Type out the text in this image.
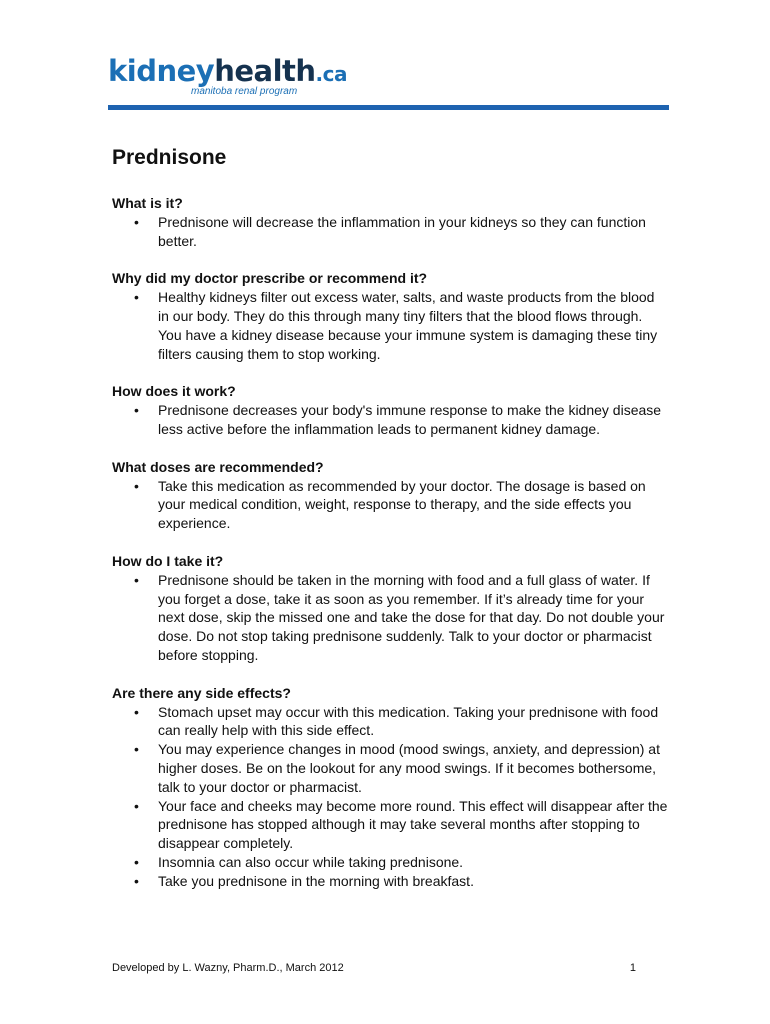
kidneyhealth.ca
manitoba renal program
Prednisone

What is it?

• Prednisone will decrease the inflammation in your kidneys so they can function better.

Why did my doctor prescribe or recommend it?

• Healthy kidneys filter out excess water, salts, and waste products from the blood in our body. They do this through many tiny filters that the blood flows through. You have a kidney disease because your immune system is damaging these tiny filters causing them to stop working.

How does it work?

• Prednisone decreases your body's immune response to make the kidney disease less active before the inflammation leads to permanent kidney damage.

What doses are recommended?

• Take this medication as recommended by your doctor. The dosage is based on your medical condition, weight, response to therapy, and the side effects you experience.

How do I take it?

• Prednisone should be taken in the morning with food and a full glass of water. If you forget a dose, take it as soon as you remember. If it’s already time for your next dose, skip the missed one and take the dose for that day. Do not double your dose. Do not stop taking prednisone suddenly. Talk to your doctor or pharmacist before stopping.

Are there any side effects?

• Stomach upset may occur with this medication. Taking your prednisone with food can really help with this side effect.
• You may experience changes in mood (mood swings, anxiety, and depression) at higher doses. Be on the lookout for any mood swings. If it becomes bothersome, talk to your doctor or pharmacist.
• Your face and cheeks may become more round. This effect will disappear after the prednisone has stopped although it may take several months after stopping to disappear completely.
• Insomnia can also occur while taking prednisone.
• Take you prednisone in the morning with breakfast.
Developed by L. Wazny, Pharm.D., March 2012	1
